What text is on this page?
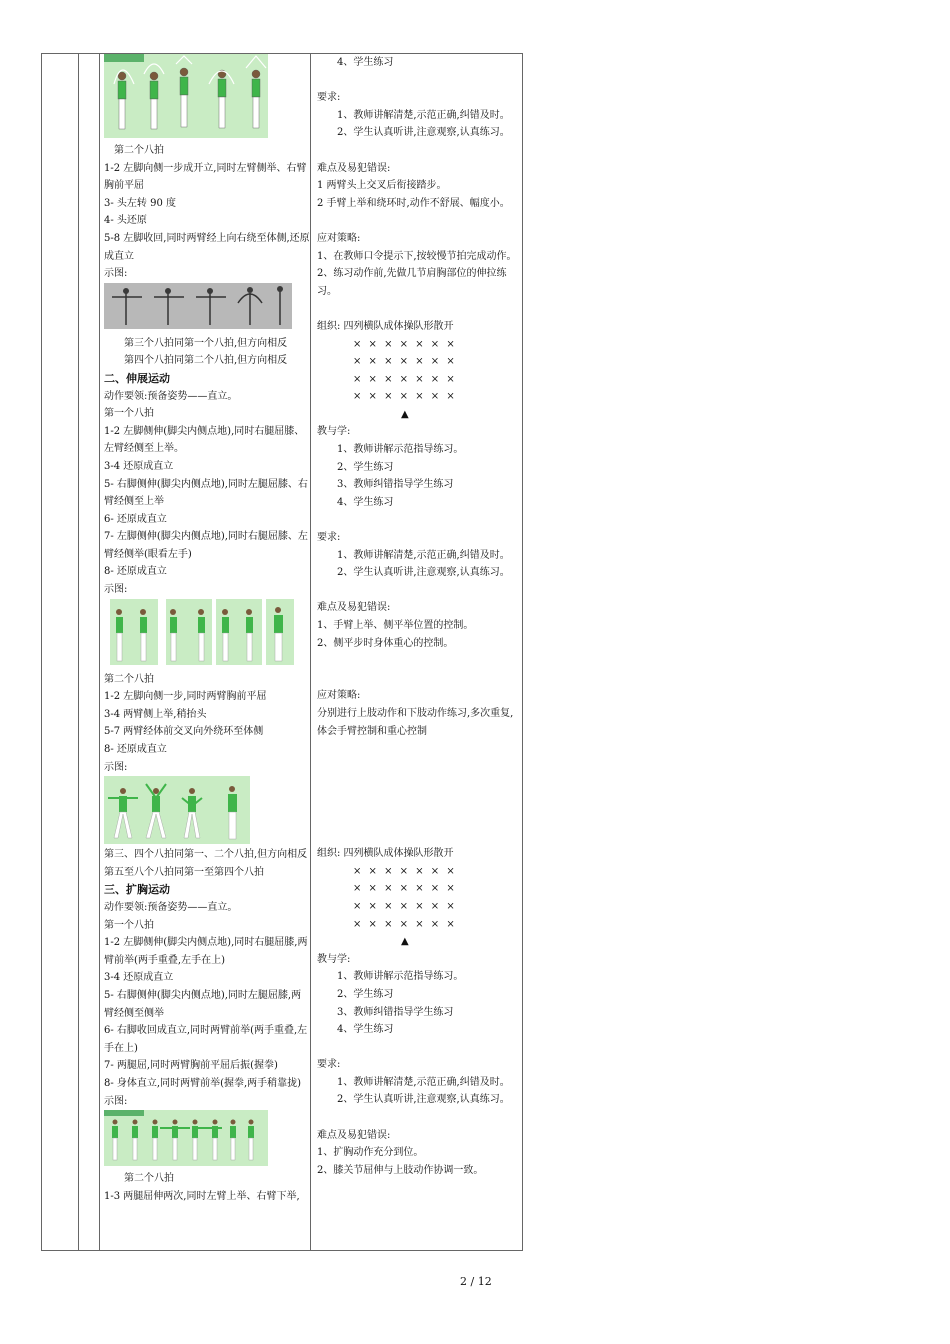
第二个八拍

1-2 左脚向侧一步成开立,同时左臂侧举、右臂胸前平屈

3- 头左转 90 度

4- 头还原

5-8 左脚收回,同时两臂经上向右绕至体侧,还原成直立

示图:

第三个八拍同第一个八拍,但方向相反

第四个八拍同第二个八拍,但方向相反

二、伸展运动

动作要领:预备姿势——直立。

第一个八拍

1-2 左脚侧伸(脚尖内侧点地),同时右腿屈膝、左臂经侧至上举。

3-4 还原成直立

5- 右脚侧伸(脚尖内侧点地),同时左腿屈膝、右臂经侧至上举

6- 还原成直立

7- 左脚侧伸(脚尖内侧点地),同时右腿屈膝、左臂经侧举(眼看左手)

8- 还原成直立

示图:

第二个八拍

1-2 左脚向侧一步,同时两臂胸前平屈

3-4 两臂侧上举,稍抬头

5-7 两臂经体前交叉向外绕环至体侧

8- 还原成直立

示图:

第三、四个八拍同第一、二个八拍,但方向相反

第五至八个八拍同第一至第四个八拍

三、扩胸运动

动作要领:预备姿势——直立。

第一个八拍

1-2 左脚侧伸(脚尖内侧点地),同时右腿屈膝,两臂前举(两手重叠,左手在上)

3-4 还原成直立

5- 右脚侧伸(脚尖内侧点地),同时左腿屈膝,两臂经侧至侧举

6- 右脚收回成直立,同时两臂前举(两手重叠,左手在上)

7- 两腿屈,同时两臂胸前平屈后振(握拳)

8- 身体直立,同时两臂前举(握拳,两手稍靠拢)

示图:

第二个八拍

1-3 两腿屈伸两次,同时左臂上举、右臂下举,

4、学生练习

要求:

1、教师讲解清楚,示范正确,纠错及时。

2、学生认真听讲,注意观察,认真练习。

难点及易犯错误:

1 两臂头上交叉后衔接踏步。

2 手臂上举和绕环时,动作不舒展、幅度小。

应对策略:

1、在教师口令提示下,按较慢节拍完成动作。

2、练习动作前,先做几节肩胸部位的伸拉练习。

组织: 四列横队成体操队形散开

× × × × × × ×

× × × × × × ×

× × × × × × ×

× × × × × × ×

▲

教与学:

1、教师讲解示范指导练习。

2、学生练习

3、教师纠错指导学生练习

4、学生练习

要求:

1、教师讲解清楚,示范正确,纠错及时。

2、学生认真听讲,注意观察,认真练习。

难点及易犯错误:

1、手臂上举、侧平举位置的控制。

2、侧平步时身体重心的控制。

应对策略:

分别进行上肢动作和下肢动作练习,多次重复,体会手臂控制和重心控制

组织: 四列横队成体操队形散开

× × × × × × ×

× × × × × × ×

× × × × × × ×

× × × × × × ×

▲

教与学:

1、教师讲解示范指导练习。

2、学生练习

3、教师纠错指导学生练习

4、学生练习

要求:

1、教师讲解清楚,示范正确,纠错及时。

2、学生认真听讲,注意观察,认真练习。

难点及易犯错误:

1、扩胸动作充分到位。

2、膝关节屈伸与上肢动作协调一致。

2 / 12
